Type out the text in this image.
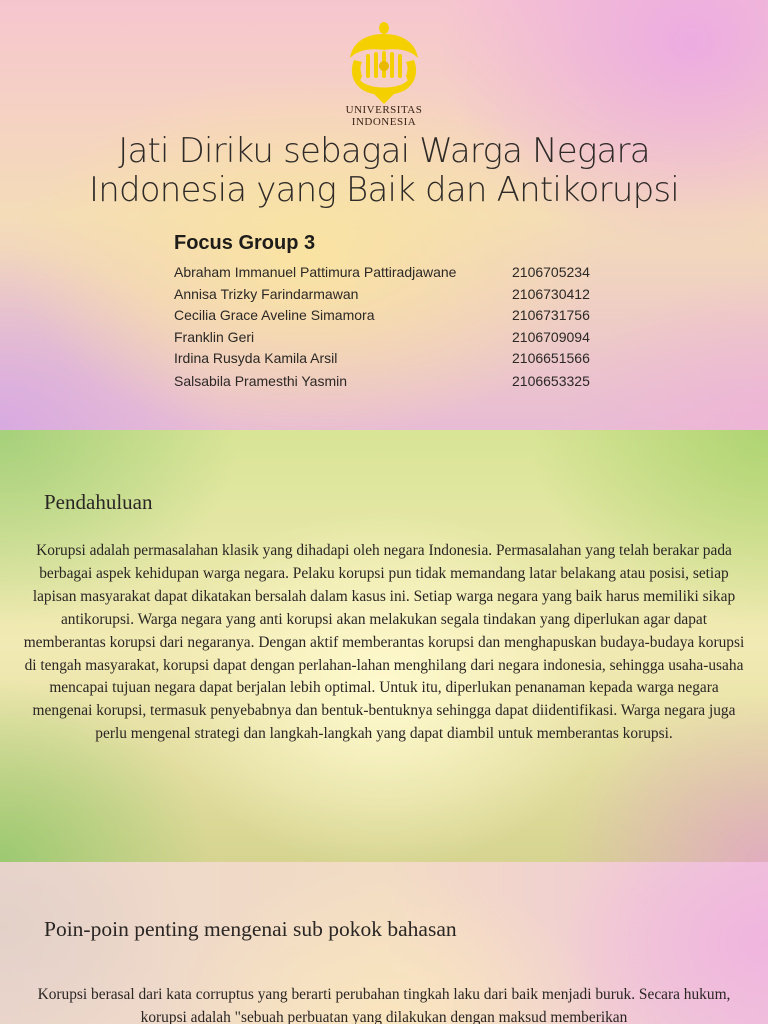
UNIVERSITAS
INDONESIA
Jati Diriku sebagai Warga Negara
Indonesia yang Baik dan Antikorupsi
Focus Group 3
Abraham Immanuel Pattimura Pattiradjawane	2106705234
Annisa Trizky Farindarmawan	2106730412
Cecilia Grace Aveline Simamora	2106731756
Franklin Geri	2106709094
Irdina Rusyda Kamila Arsil	2106651566
Salsabila Pramesthi Yasmin	2106653325
Pendahuluan
Korupsi adalah permasalahan klasik yang dihadapi oleh negara Indonesia. Permasalahan yang telah berakar pada berbagai aspek kehidupan warga negara. Pelaku korupsi pun tidak memandang latar belakang atau posisi, setiap lapisan masyarakat dapat dikatakan bersalah dalam kasus ini. Setiap warga negara yang baik harus memiliki sikap antikorupsi. Warga negara yang anti korupsi akan melakukan segala tindakan yang diperlukan agar dapat memberantas korupsi dari negaranya. Dengan aktif memberantas korupsi dan menghapuskan budaya-budaya korupsi di tengah masyarakat, korupsi dapat dengan perlahan-lahan menghilang dari negara indonesia, sehingga usaha-usaha mencapai tujuan negara dapat berjalan lebih optimal. Untuk itu, diperlukan penanaman kepada warga negara mengenai korupsi, termasuk penyebabnya dan bentuk-bentuknya sehingga dapat diidentifikasi. Warga negara juga perlu mengenal strategi dan langkah-langkah yang dapat diambil untuk memberantas korupsi.
Poin-poin penting mengenai sub pokok bahasan
Korupsi berasal dari kata corruptus yang berarti perubahan tingkah laku dari baik menjadi buruk. Secara hukum, korupsi adalah "sebuah perbuatan yang dilakukan dengan maksud memberikan
